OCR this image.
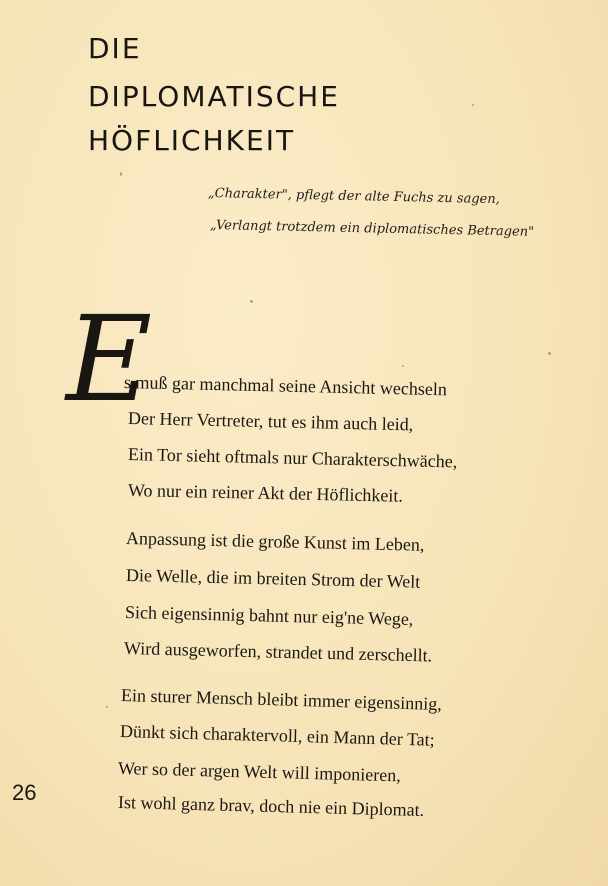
DIE
DIPLOMATISCHE
HÖFLICHKEIT
„Charakter", pflegt der alte Fuchs zu sagen,
„Verlangt trotzdem ein diplomatisches Betragen"
E
s muß gar manchmal seine Ansicht wechseln
Der Herr Vertreter, tut es ihm auch leid,
Ein Tor sieht oftmals nur Charakterschwäche,
Wo nur ein reiner Akt der Höflichkeit.
Anpassung ist die große Kunst im Leben,
Die Welle, die im breiten Strom der Welt
Sich eigensinnig bahnt nur eig'ne Wege,
Wird ausgeworfen, strandet und zerschellt.
Ein sturer Mensch bleibt immer eigensinnig,
Dünkt sich charaktervoll, ein Mann der Tat;
Wer so der argen Welt will imponieren,
Ist wohl ganz brav, doch nie ein Diplomat.
26
